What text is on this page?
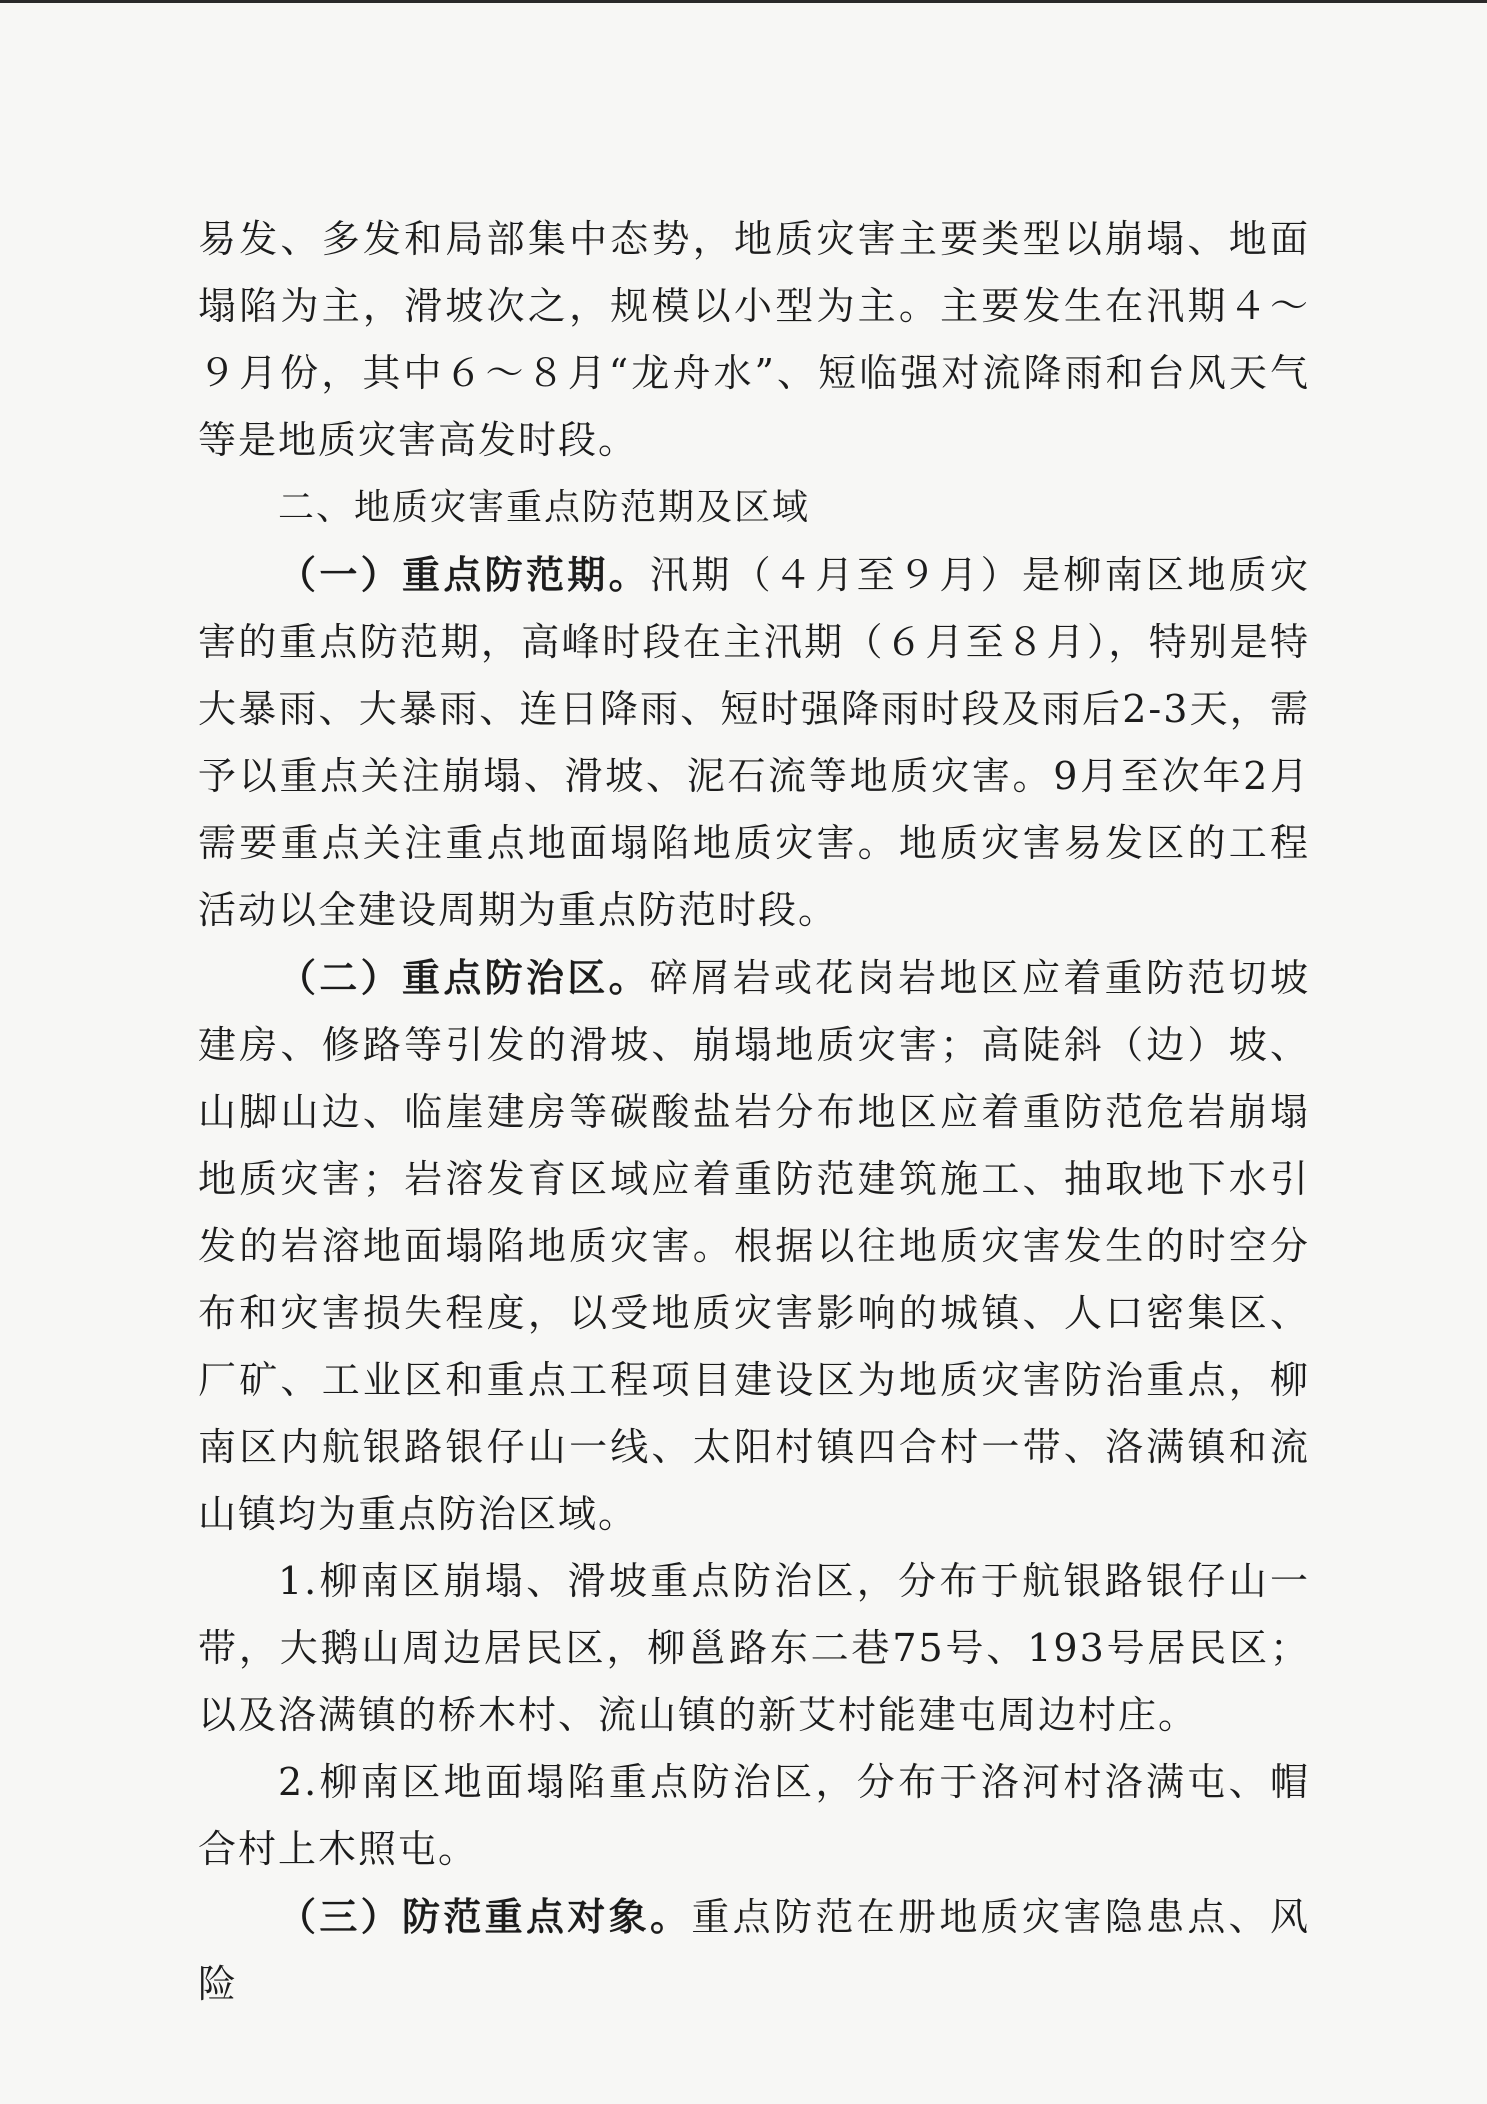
易发、多发和局部集中态势，地质灾害主要类型以崩塌、地面塌陷为主，滑坡次之，规模以小型为主。主要发生在汛期４～９月份，其中６～８月“龙舟水”、短临强对流降雨和台风天气等是地质灾害高发时段。

二、地质灾害重点防范期及区域

（一）重点防范期。汛期（４月至９月）是柳南区地质灾害的重点防范期，高峰时段在主汛期（６月至８月），特别是特大暴雨、大暴雨、连日降雨、短时强降雨时段及雨后2-3天，需予以重点关注崩塌、滑坡、泥石流等地质灾害。9月至次年2月需要重点关注重点地面塌陷地质灾害。地质灾害易发区的工程活动以全建设周期为重点防范时段。

（二）重点防治区。碎屑岩或花岗岩地区应着重防范切坡建房、修路等引发的滑坡、崩塌地质灾害；高陡斜（边）坡、山脚山边、临崖建房等碳酸盐岩分布地区应着重防范危岩崩塌地质灾害；岩溶发育区域应着重防范建筑施工、抽取地下水引发的岩溶地面塌陷地质灾害。根据以往地质灾害发生的时空分布和灾害损失程度，以受地质灾害影响的城镇、人口密集区、厂矿、工业区和重点工程项目建设区为地质灾害防治重点，柳南区内航银路银仔山一线、太阳村镇四合村一带、洛满镇和流山镇均为重点防治区域。

1.柳南区崩塌、滑坡重点防治区，分布于航银路银仔山一带，大鹅山周边居民区，柳邕路东二巷75号、193号居民区；以及洛满镇的桥木村、流山镇的新艾村能建屯周边村庄。

2.柳南区地面塌陷重点防治区，分布于洛河村洛满屯、帽合村上木照屯。

（三）防范重点对象。重点防范在册地质灾害隐患点、风险
